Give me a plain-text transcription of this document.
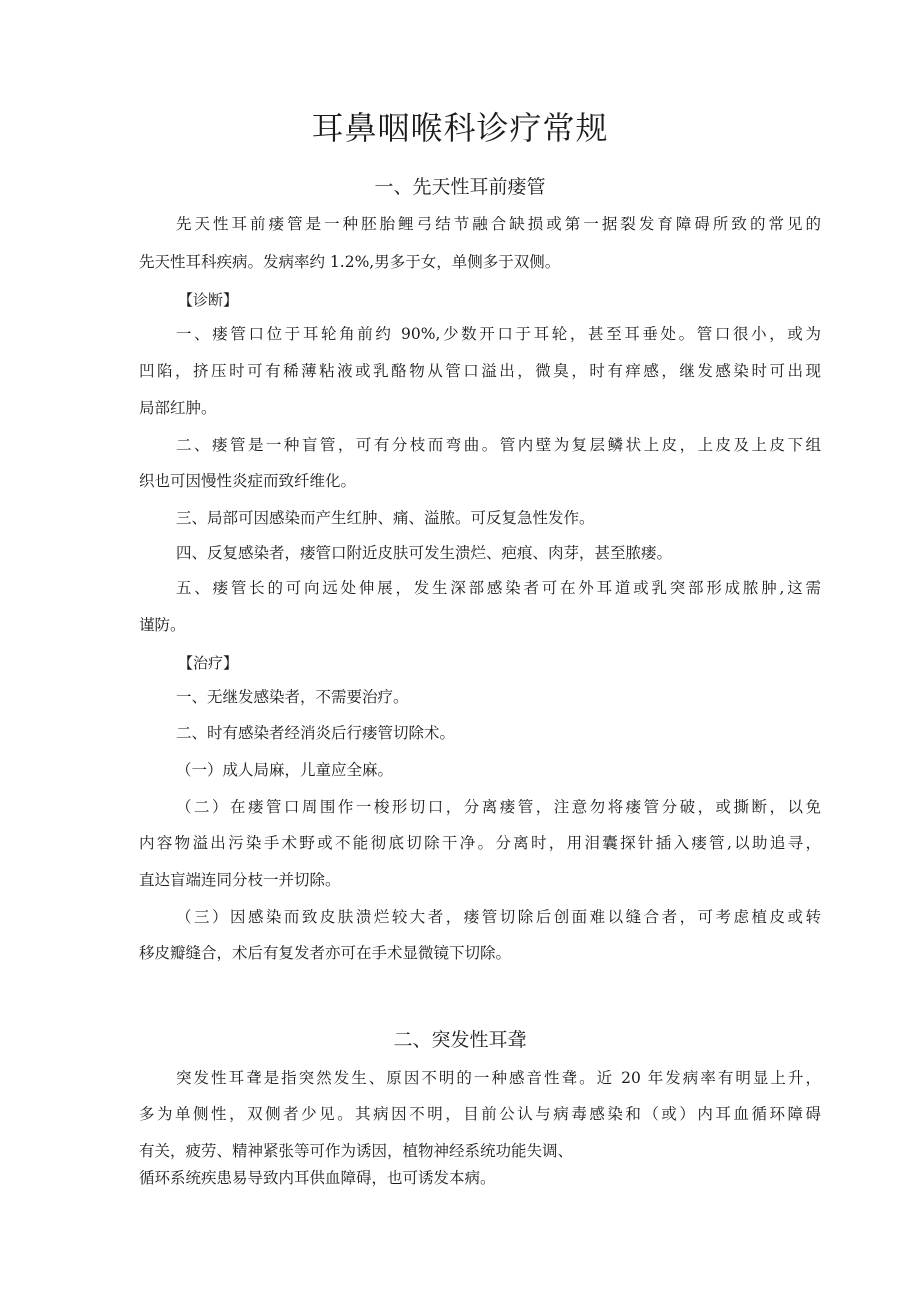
耳鼻咽喉科诊疗常规
一、先天性耳前瘘管
先天性耳前瘘管是一种胚胎鲤弓结节融合缺损或第一据裂发育障碍所致的常见的
先天性耳科疾病。发病率约 1.2%,男多于女，单侧多于双侧。
【诊断】
一、瘘管口位于耳轮角前约 90%,少数开口于耳轮，甚至耳垂处。管口很小，或为
凹陷，挤压时可有稀薄粘液或乳酪物从管口溢出，微臭，时有痒感，继发感染时可出现
局部红肿。
二、瘘管是一种盲管，可有分枝而弯曲。管内壁为复层鳞状上皮，上皮及上皮下组
织也可因慢性炎症而致纤维化。
三、局部可因感染而产生红肿、痛、溢脓。可反复急性发作。
四、反复感染者，瘘管口附近皮肤可发生溃烂、疤痕、肉芽，甚至脓瘘。
五、瘘管长的可向远处伸展，发生深部感染者可在外耳道或乳突部形成脓肿,这需
谨防。
【治疗】
一、无继发感染者，不需要治疗。
二、时有感染者经消炎后行瘘管切除术。
（一）成人局麻，儿童应全麻。
（二）在瘘管口周围作一梭形切口，分离瘘管，注意勿将瘘管分破，或撕断，以免
内容物溢出污染手术野或不能彻底切除干净。分离时，用泪囊探针插入瘘管,以助追寻，
直达盲端连同分枝一并切除。
（三）因感染而致皮肤溃烂较大者，瘘管切除后创面难以缝合者，可考虑植皮或转
移皮瓣缝合，术后有复发者亦可在手术显微镜下切除。
二、突发性耳聋
突发性耳聋是指突然发生、原因不明的一种感音性聋。近 20 年发病率有明显上升，
多为单侧性，双侧者少见。其病因不明，目前公认与病毒感染和（或）内耳血循环障碍
有关，疲劳、精神紧张等可作为诱因，植物神经系统功能失调、
循环系统疾患易导致内耳供血障碍，也可诱发本病。
